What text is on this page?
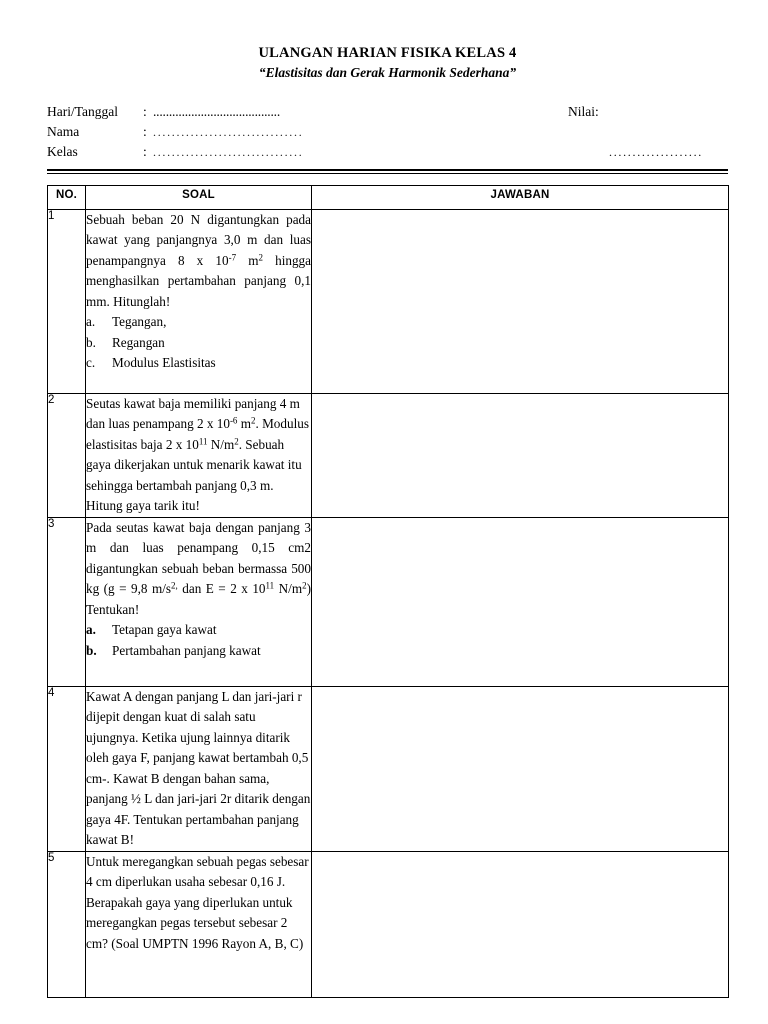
ULANGAN HARIAN FISIKA KELAS 4
“Elastisitas dan Gerak Harmonik Sederhana”
Hari/Tanggal	: ........................................
Nama	: ................................
Kelas	: ................................
Nilai:
....................
NO.	SOAL	JAWABAN
1	Sebuah beban 20 N digantungkan pada kawat yang panjangnya 3,0 m dan luas penampangnya 8 x $10^{-7}$ $m^2$ hingga menghasilkan pertambahan panjang 0,1 mm. Hitunglah!

a.	Tegangan,
b.	Regangan
c.	Modulus Elastisitas

2	Seutas kawat baja memiliki panjang 4 m dan luas penampang 2 x $10^{-6}$ $m^2$. Modulus elastisitas baja 2 x $10^{11}$ $N/m^2$. Sebuah gaya dikerjakan untuk menarik kawat itu sehingga bertambah panjang 0,3 m. Hitung gaya tarik itu!	

3	Pada seutas kawat baja dengan panjang 3 m dan luas penampang 0,15 cm2 digantungkan sebuah beban bermassa 500 kg (g = 9,8 $m/s^{2,}$ dan E = 2 x $10^{11}$ $N/m^2$) Tentukan!

a.	Tetapan gaya kawat
b.	Pertambahan panjang kawat

4	Kawat A dengan panjang L dan jari-jari r dijepit dengan kuat di salah satu ujungnya. Ketika ujung lainnya ditarik oleh gaya F, panjang kawat bertambah 0,5 cm-. Kawat B dengan bahan sama, panjang ½ L dan jari-jari 2r ditarik dengan gaya 4F. Tentukan pertambahan panjang kawat B!	

5	Untuk meregangkan sebuah pegas sebesar 4 cm diperlukan usaha sebesar 0,16 J. Berapakah gaya yang diperlukan untuk meregangkan pegas tersebut sebesar 2 cm? (Soal UMPTN 1996 Rayon A, B, C)	
